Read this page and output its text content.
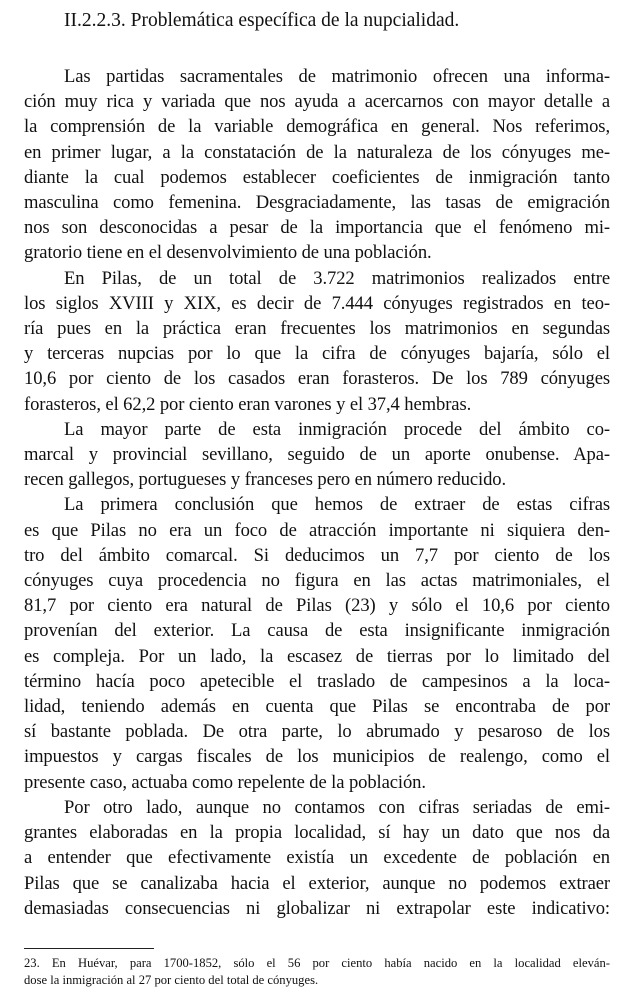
II.2.2.3. Problemática específica de la nupcialidad.
Las partidas sacramentales de matrimonio ofrecen una informa-
ción muy rica y variada que nos ayuda a acercarnos con mayor detalle a
la comprensión de la variable demográfica en general. Nos referimos,
en primer lugar, a la constatación de la naturaleza de los cónyuges me-
diante la cual podemos establecer coeficientes de inmigración tanto
masculina como femenina. Desgraciadamente, las tasas de emigración
nos son desconocidas a pesar de la importancia que el fenómeno mi-
gratorio tiene en el desenvolvimiento de una población.
En Pilas, de un total de 3.722 matrimonios realizados entre
los siglos XVIII y XIX, es decir de 7.444 cónyuges registrados en teo-
ría pues en la práctica eran frecuentes los matrimonios en segundas
y terceras nupcias por lo que la cifra de cónyuges bajaría, sólo el
10,6 por ciento de los casados eran forasteros. De los 789 cónyuges
forasteros, el 62,2 por ciento eran varones y el 37,4 hembras.
La mayor parte de esta inmigración procede del ámbito co-
marcal y provincial sevillano, seguido de un aporte onubense. Apa-
recen gallegos, portugueses y franceses pero en número reducido.
La primera conclusión que hemos de extraer de estas cifras
es que Pilas no era un foco de atracción importante ni siquiera den-
tro del ámbito comarcal. Si deducimos un 7,7 por ciento de los
cónyuges cuya procedencia no figura en las actas matrimoniales, el
81,7 por ciento era natural de Pilas (23) y sólo el 10,6 por ciento
provenían del exterior. La causa de esta insignificante inmigración
es compleja. Por un lado, la escasez de tierras por lo limitado del
término hacía poco apetecible el traslado de campesinos a la loca-
lidad, teniendo además en cuenta que Pilas se encontraba de por
sí bastante poblada. De otra parte, lo abrumado y pesaroso de los
impuestos y cargas fiscales de los municipios de realengo, como el
presente caso, actuaba como repelente de la población.
Por otro lado, aunque no contamos con cifras seriadas de emi-
grantes elaboradas en la propia localidad, sí hay un dato que nos da
a entender que efectivamente existía un excedente de población en
Pilas que se canalizaba hacia el exterior, aunque no podemos extraer
demasiadas consecuencias ni globalizar ni extrapolar este indicativo:
23. En Huévar, para 1700-1852, sólo el 56 por ciento había nacido en la localidad eleván-
dose la inmigración al 27 por ciento del total de cónyuges.
